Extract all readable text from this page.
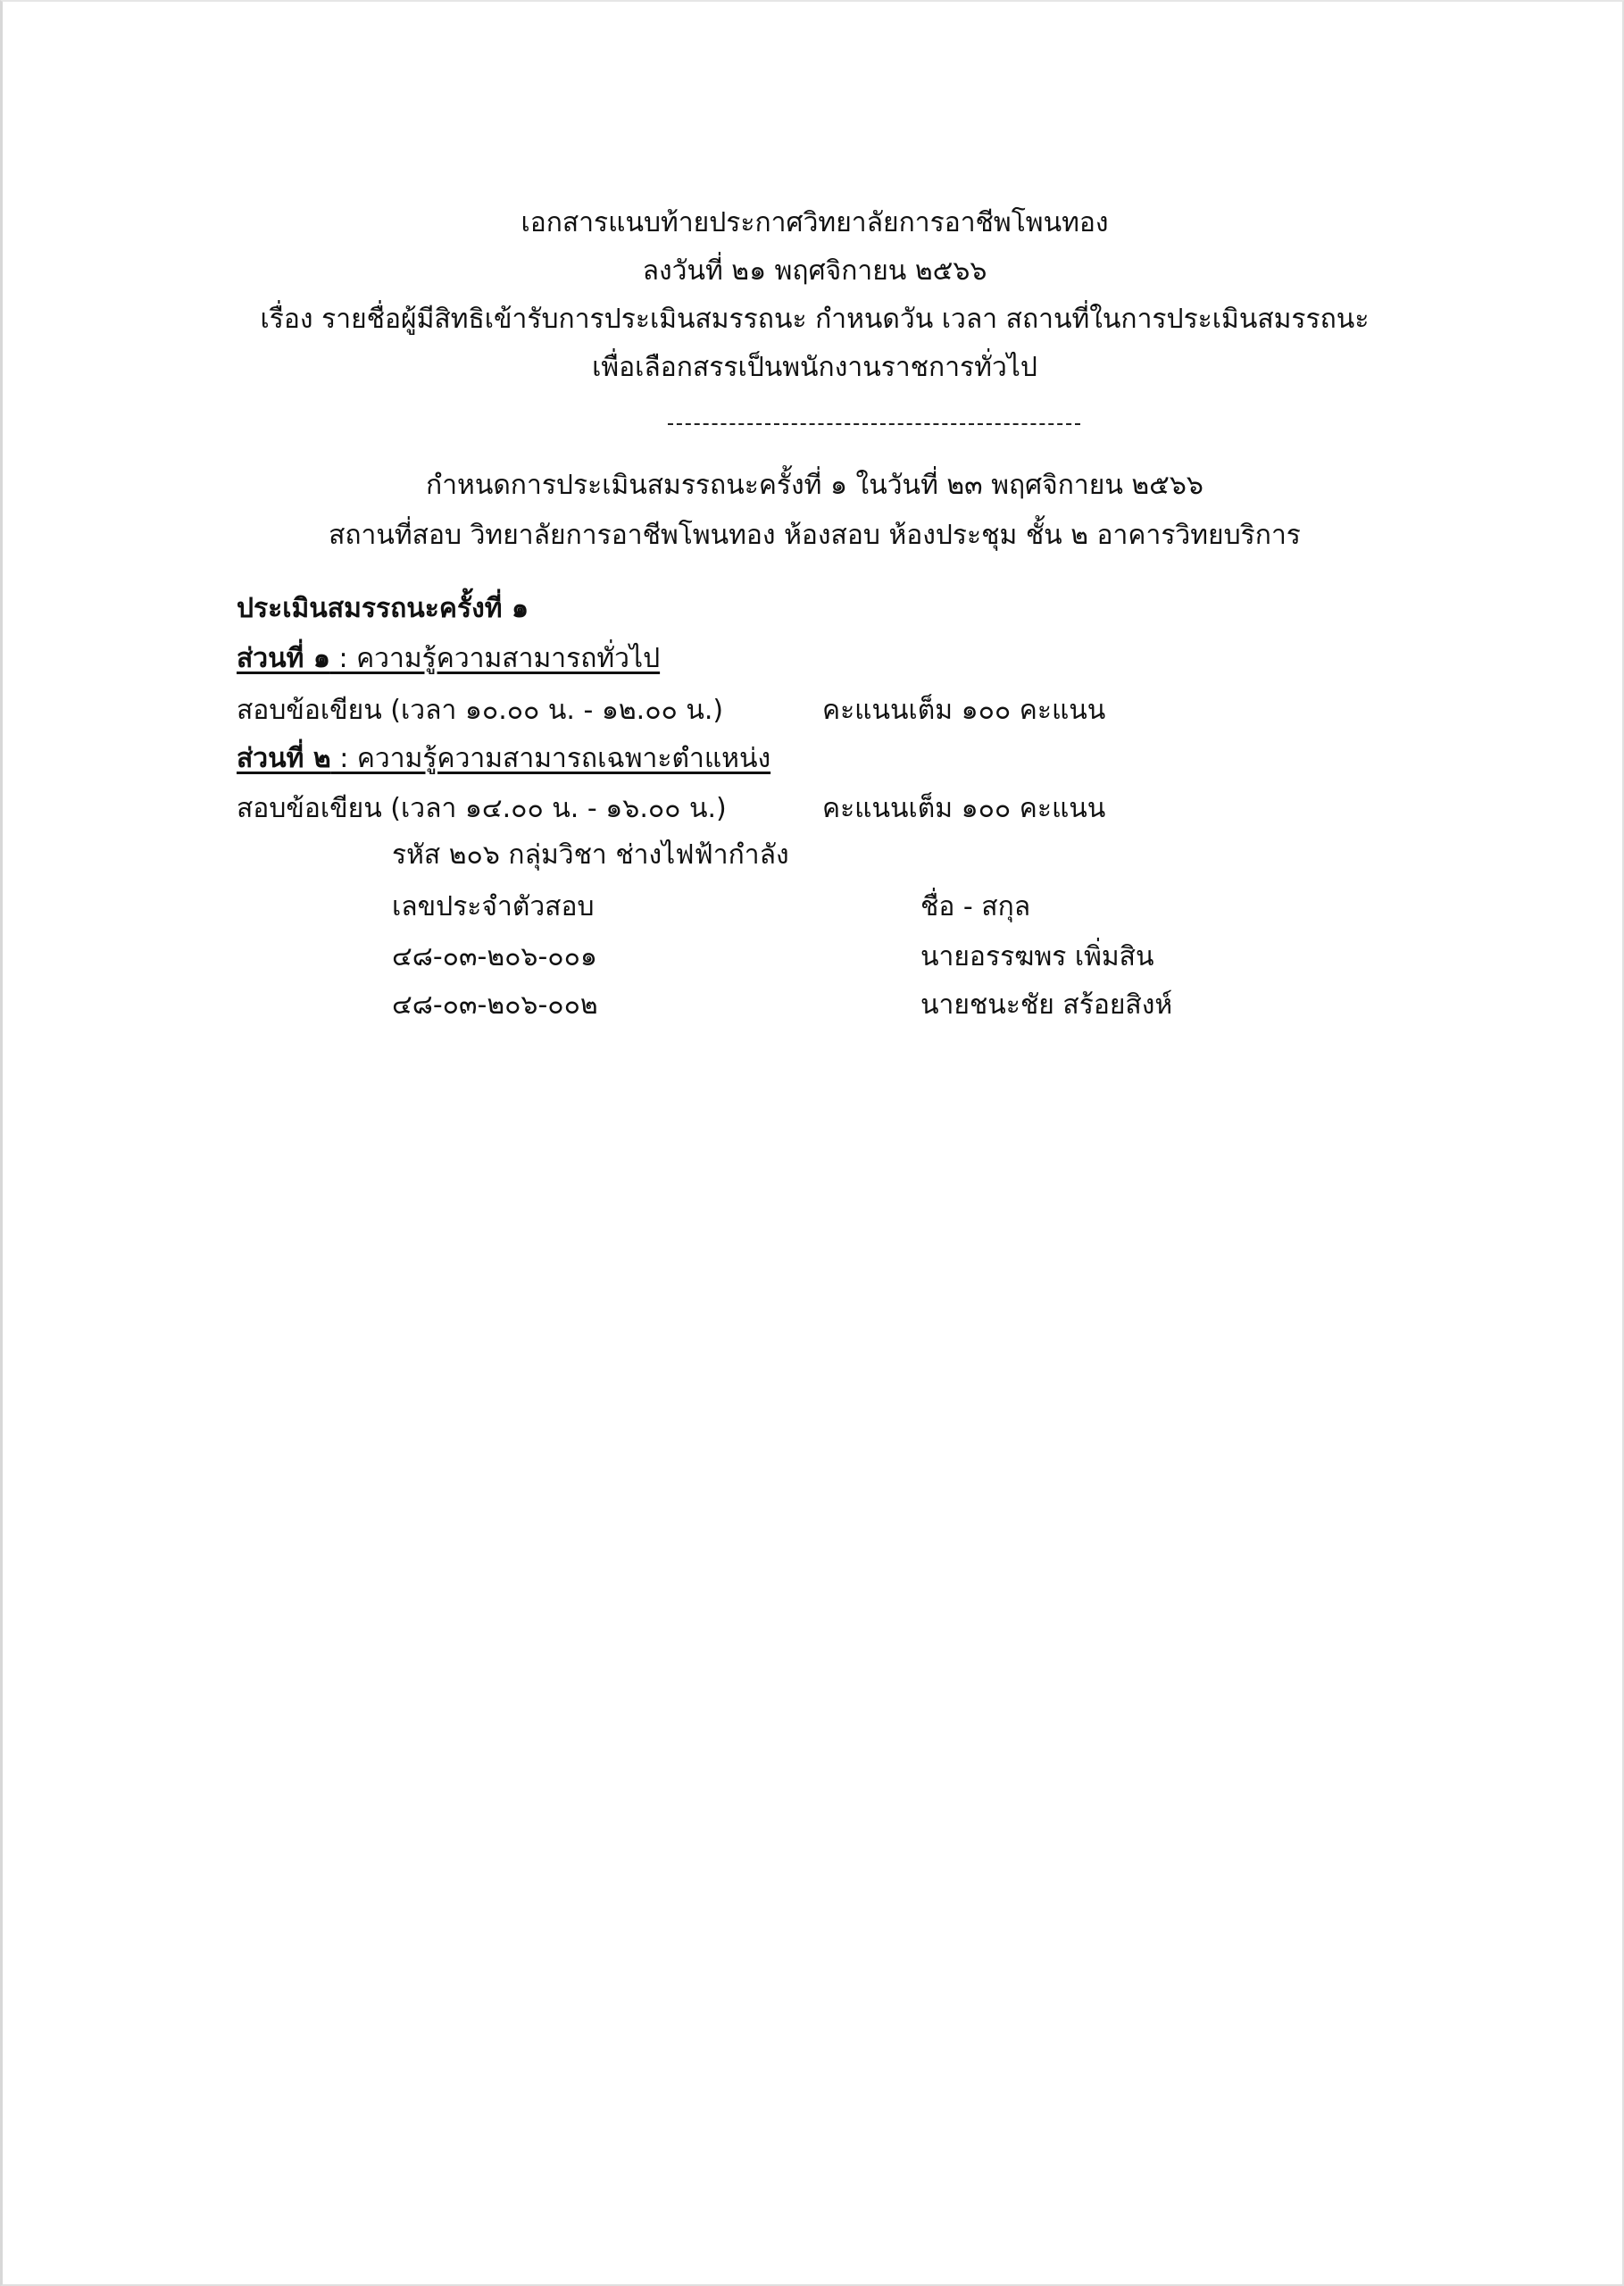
เอกสารแนบท้ายประกาศวิทยาลัยการอาชีพโพนทอง
ลงวันที่ ๒๑ พฤศจิกายน ๒๕๖๖
เรื่อง รายชื่อผู้มีสิทธิเข้ารับการประเมินสมรรถนะ กำหนดวัน เวลา สถานที่ในการประเมินสมรรถนะ
เพื่อเลือกสรรเป็นพนักงานราชการทั่วไป
กำหนดการประเมินสมรรถนะครั้งที่ ๑ ในวันที่ ๒๓ พฤศจิกายน ๒๕๖๖
สถานที่สอบ วิทยาลัยการอาชีพโพนทอง ห้องสอบ ห้องประชุม ชั้น ๒ อาคารวิทยบริการ
ประเมินสมรรถนะครั้งที่ ๑
ส่วนที่ ๑ : ความรู้ความสามารถทั่วไป
สอบข้อเขียน (เวลา ๑๐.๐๐ น. - ๑๒.๐๐ น.)	คะแนนเต็ม ๑๐๐ คะแนน
ส่วนที่ ๒ : ความรู้ความสามารถเฉพาะตำแหน่ง
สอบข้อเขียน (เวลา ๑๔.๐๐ น. - ๑๖.๐๐ น.)	คะแนนเต็ม ๑๐๐ คะแนน
รหัส ๒๐๖ กลุ่มวิชา ช่างไฟฟ้ากำลัง
เลขประจำตัวสอบ	ชื่อ - สกุล
๔๘-๐๓-๒๐๖-๐๐๑	นายอรรฆพร เพิ่มสิน
๔๘-๐๓-๒๐๖-๐๐๒	นายชนะชัย สร้อยสิงห์
